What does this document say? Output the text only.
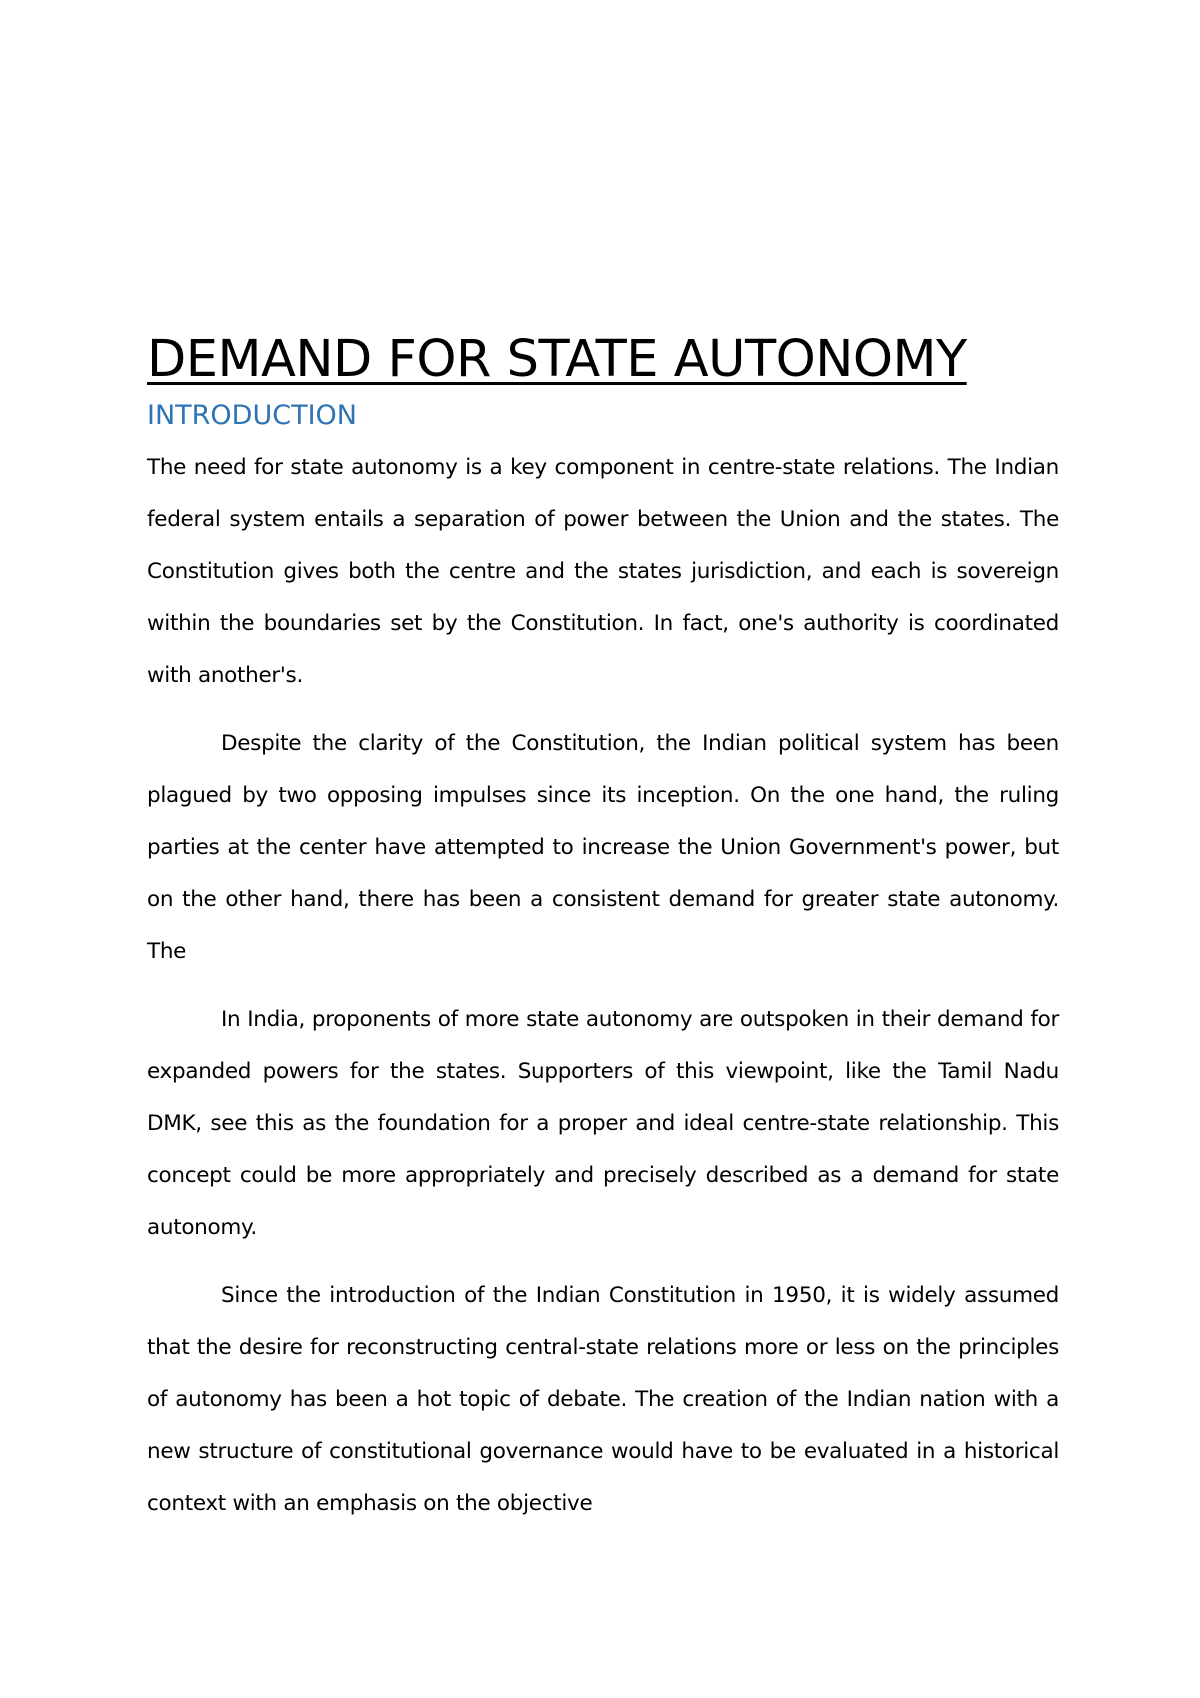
DEMAND FOR STATE AUTONOMY
INTRODUCTION

The need for state autonomy is a key component in centre-state relations. The Indian federal system entails a separation of power between the Union and the states. The Constitution gives both the centre and the states jurisdiction, and each is sovereign within the boundaries set by the Constitution. In fact, one's authority is coordinated with another's.

Despite the clarity of the Constitution, the Indian political system has been plagued by two opposing impulses since its inception. On the one hand, the ruling parties at the center have attempted to increase the Union Government's power, but on the other hand, there has been a consistent demand for greater state autonomy. The

In India, proponents of more state autonomy are outspoken in their demand for expanded powers for the states. Supporters of this viewpoint, like the Tamil Nadu DMK, see this as the foundation for a proper and ideal centre-state relationship. This concept could be more appropriately and precisely described as a demand for state autonomy.

Since the introduction of the Indian Constitution in 1950, it is widely assumed that the desire for reconstructing central-state relations more or less on the principles of autonomy has been a hot topic of debate. The creation of the Indian nation with a new structure of constitutional governance would have to be evaluated in a historical context with an emphasis on the objective
